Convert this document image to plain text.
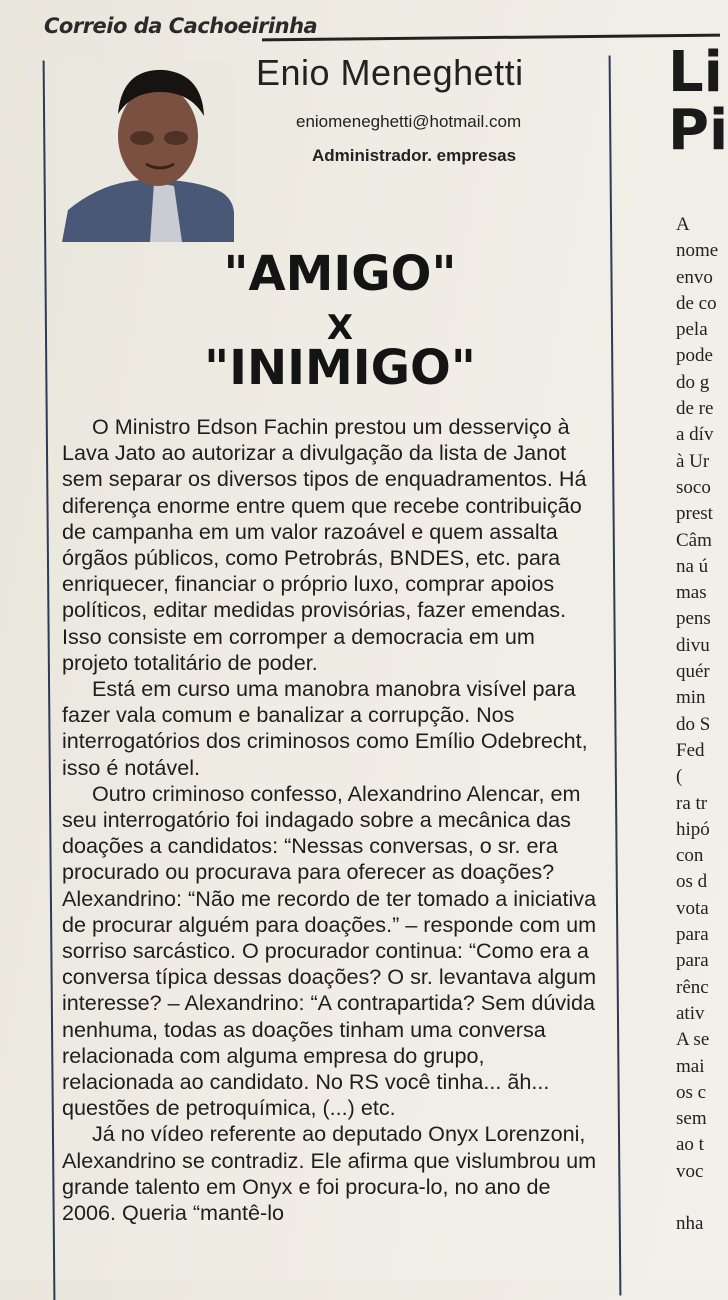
Correio da Cachoeirinha
Enio Meneghetti
eniomeneghetti@hotmail.com
Administrador. empresas
"AMIGO"
X
"INIMIGO"

O Ministro Edson Fachin prestou um desserviço à Lava Jato ao autorizar a divulgação da lista de Janot sem separar os diversos tipos de enquadramentos. Há diferença enorme entre quem que recebe contribuição de campanha em um valor razoável e quem assalta órgãos públicos, como Petrobrás, BNDES, etc. para enriquecer, financiar o próprio luxo, comprar apoios políticos, editar medidas provisórias, fazer emendas. Isso consiste em corromper a democracia em um projeto totalitário de poder.

Está em curso uma manobra manobra visível para fazer vala comum e banalizar a corrupção. Nos interrogatórios dos criminosos como Emílio Odebrecht, isso é notável.

Outro criminoso confesso, Alexandrino Alencar, em seu interrogatório foi indagado sobre a mecânica das doações a candidatos: “Nessas conversas, o sr. era procurado ou procurava para oferecer as doações? Alexandrino: “Não me recordo de ter tomado a iniciativa de procurar alguém para doações.” – responde com um sorriso sarcástico. O procurador continua: “Como era a conversa típica dessas doações? O sr. levantava algum interesse? – Alexandrino: “A contrapartida? Sem dúvida nenhuma, todas as doações tinham uma conversa relacionada com alguma empresa do grupo, relacionada ao candidato. No RS você tinha... ãh... questões de petroquímica, (...) etc.

Já no vídeo referente ao deputado Onyx Lorenzoni, Alexandrino se contradiz. Ele afirma que vislumbrou um grande talento em Onyx e foi procura-lo, no ano de 2006. Queria “mantê-lo

Li
Pi
A
nome
envo
de co
pela
pode
do g
de re
a dív
à Ur
soco
prest
Câm
na ú
mas
pens
divu
quér
min
do S
Fed
(
ra tr
hipó
con
os d
vota
para
para
rênc
ativ
A se
mai
os c
sem
ao t
voc
nha
